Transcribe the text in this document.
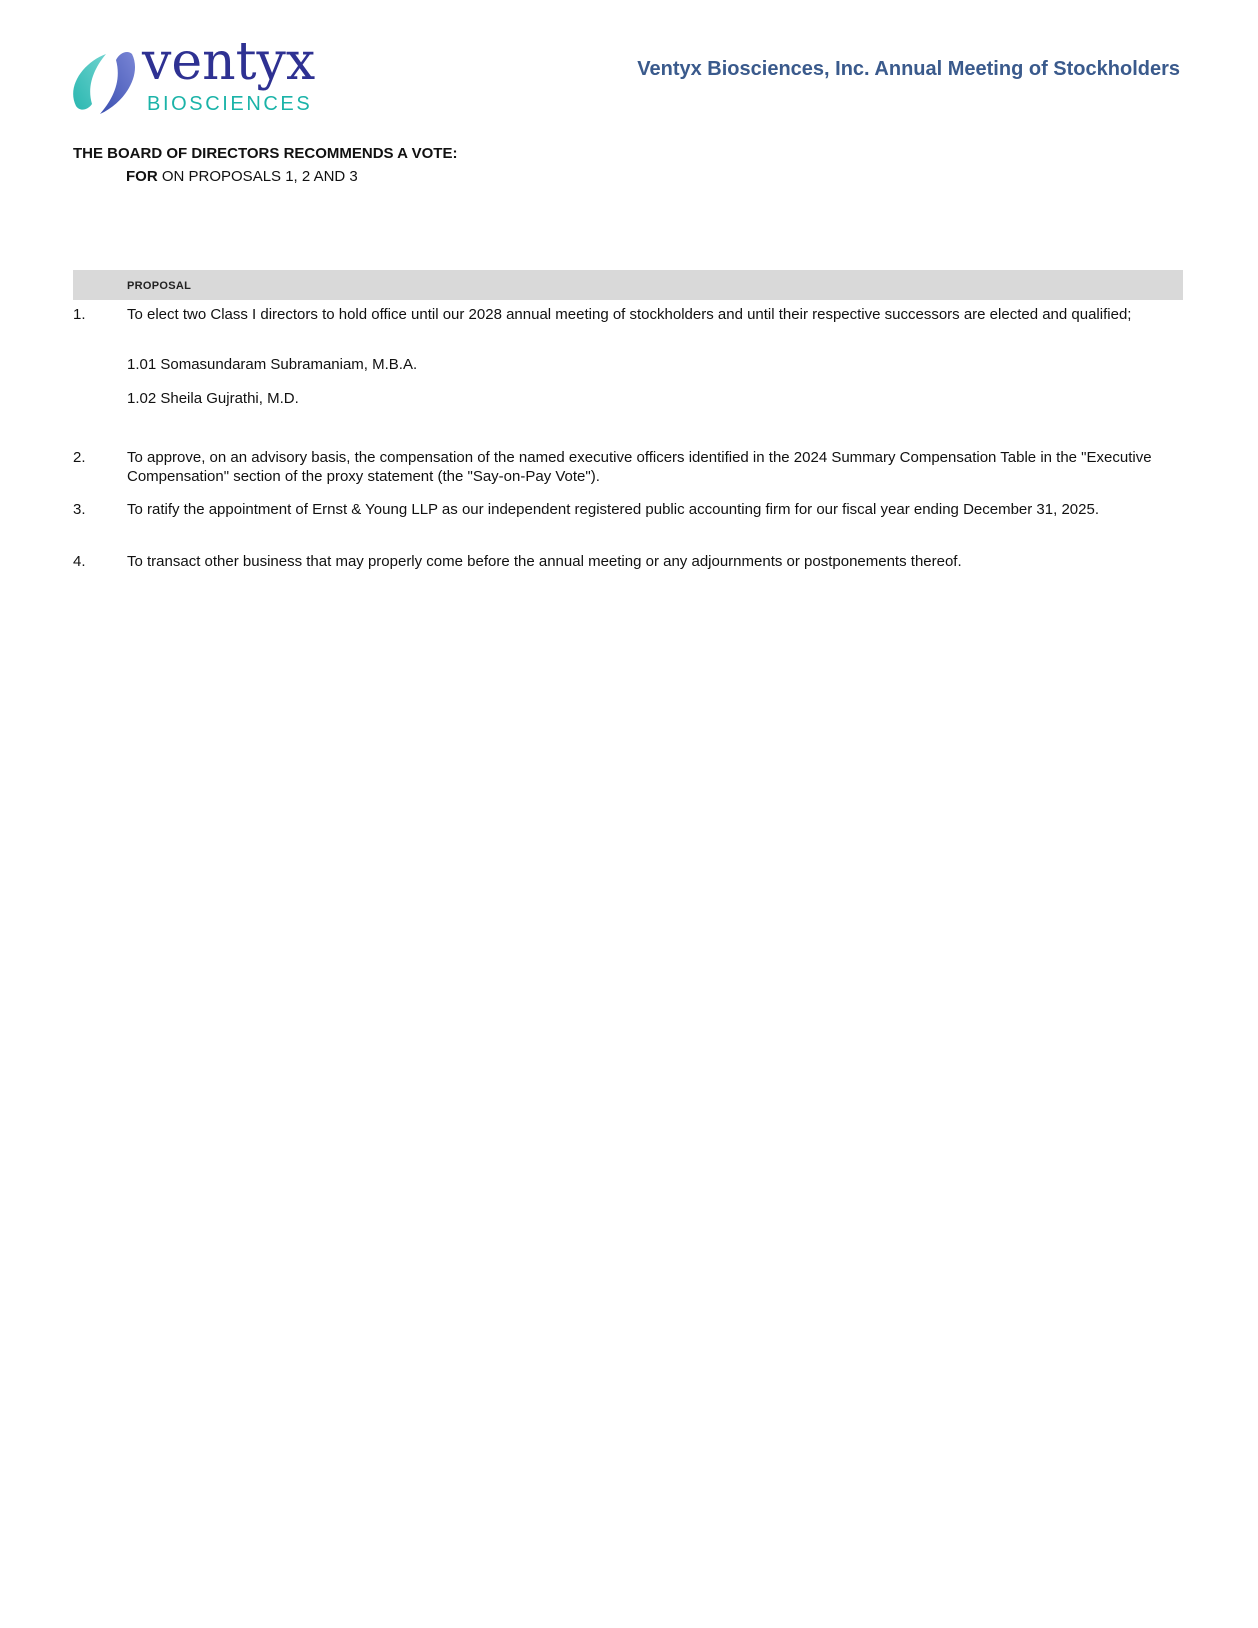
ventyx
BIOSCIENCES
Ventyx Biosciences, Inc. Annual Meeting of Stockholders
THE BOARD OF DIRECTORS RECOMMENDS A VOTE:
FOR ON PROPOSALS 1, 2 AND 3
PROPOSAL
1.	To elect two Class I directors to hold office until our 2028 annual meeting of stockholders and until their respective successors are elected and qualified;
1.01 Somasundaram Subramaniam, M.B.A.
1.02 Sheila Gujrathi, M.D.
2.	To approve, on an advisory basis, the compensation of the named executive officers identified in the 2024 Summary Compensation Table in the "Executive Compensation" section of the proxy statement (the "Say-on-Pay Vote").
3.	To ratify the appointment of Ernst & Young LLP as our independent registered public accounting firm for our fiscal year ending December 31, 2025.
4.	To transact other business that may properly come before the annual meeting or any adjournments or postponements thereof.
